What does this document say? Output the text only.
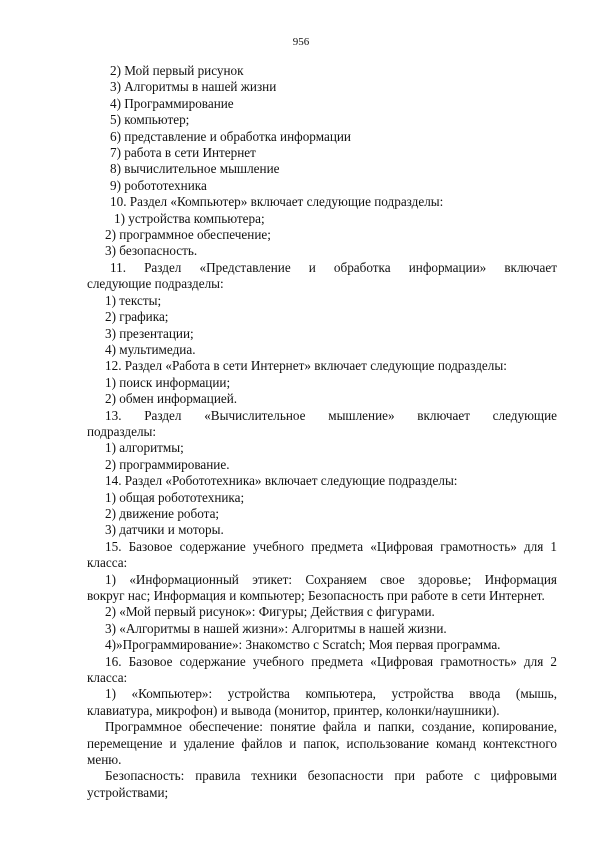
956
2) Мой первый рисунок
3) Алгоритмы в нашей жизни
4) Программирование
5) компьютер;
6) представление и обработка информации
7) работа в сети Интернет
8) вычислительное мышление
9) робототехника
10. Раздел «Компьютер» включает следующие подразделы:
1) устройства компьютера;
2) программное обеспечение;
3) безопасность.
11. Раздел «Представление и обработка информации» включает
следующие подразделы:
1) тексты;
2) графика;
3) презентации;
4) мультимедиа.
12. Раздел «Работа в сети Интернет» включает следующие подразделы:
1) поиск информации;
2) обмен информацией.
13. Раздел «Вычислительное мышление» включает следующие
подразделы:
1) алгоритмы;
2) программирование.
14. Раздел «Робототехника» включает следующие подразделы:
1) общая робототехника;
2) движение робота;
3) датчики и моторы.
15. Базовое содержание учебного предмета «Цифровая грамотность» для 1
класса:
1) «Информационный этикет: Сохраняем свое здоровье; Информация
вокруг нас; Информация и компьютер; Безопасность при работе в сети Интернет.
2) «Мой первый рисунок»: Фигуры; Действия с фигурами.
3) «Алгоритмы в нашей жизни»: Алгоритмы в нашей жизни.
4)»Программирование»: Знакомство с Scratch; Моя первая программа.
16. Базовое содержание учебного предмета «Цифровая грамотность» для 2
класса:
1) «Компьютер»: устройства компьютера, устройства ввода (мышь,
клавиатура, микрофон) и вывода (монитор, принтер, колонки/наушники).
Программное обеспечение: понятие файла и папки, создание, копирование,
перемещение и удаление файлов и папок, использование команд контекстного
меню.
Безопасность: правила техники безопасности при работе с цифровыми
устройствами;
